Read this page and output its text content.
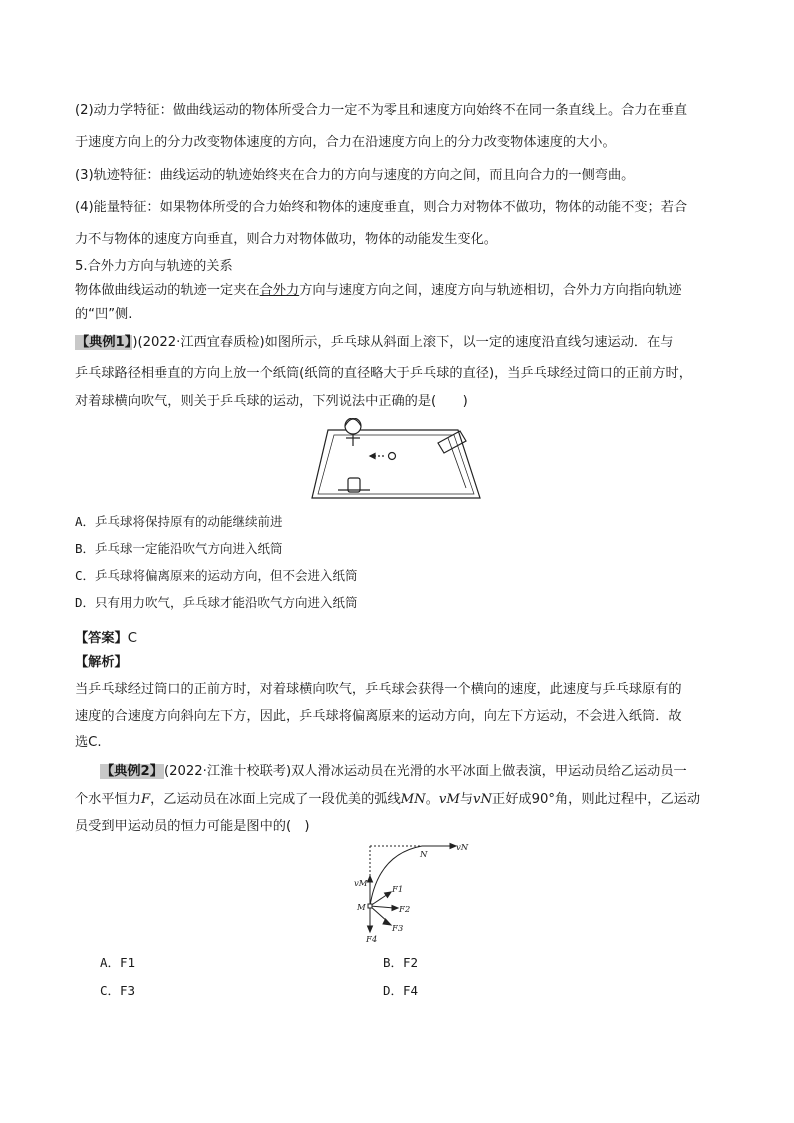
(2)动力学特征：做曲线运动的物体所受合力一定不为零且和速度方向始终不在同一条直线上。合力在垂直
于速度方向上的分力改变物体速度的方向，合力在沿速度方向上的分力改变物体速度的大小。
(3)轨迹特征：曲线运动的轨迹始终夹在合力的方向与速度的方向之间，而且向合力的一侧弯曲。
(4)能量特征：如果物体所受的合力始终和物体的速度垂直，则合力对物体不做功，物体的动能不变；若合
力不与物体的速度方向垂直，则合力对物体做功，物体的动能发生变化。
5.合外力方向与轨迹的关系
物体做曲线运动的轨迹一定夹在合外力方向与速度方向之间，速度方向与轨迹相切，合外力方向指向轨迹
的“凹”侧.
【典例1】)(2022·江西宜春质检)如图所示，乒乓球从斜面上滚下，以一定的速度沿直线匀速运动．在与
乒乓球路径相垂直的方向上放一个纸筒(纸筒的直径略大于乒乓球的直径)，当乒乓球经过筒口的正前方时，
对着球横向吹气，则关于乒乓球的运动，下列说法中正确的是(　　)
A．乒乓球将保持原有的动能继续前进
B．乒乓球一定能沿吹气方向进入纸筒
C．乒乓球将偏离原来的运动方向，但不会进入纸筒
D．只有用力吹气，乒乓球才能沿吹气方向进入纸筒
【答案】C
【解析】
当乒乓球经过筒口的正前方时，对着球横向吹气，乒乓球会获得一个横向的速度，此速度与乒乓球原有的
速度的合速度方向斜向左下方，因此，乒乓球将偏离原来的运动方向，向左下方运动，不会进入纸筒．故
选C.
【典例2】(2022·江淮十校联考)双人滑冰运动员在光滑的水平冰面上做表演，甲运动员给乙运动员一
个水平恒力F，乙运动员在冰面上完成了一段优美的弧线MN。vM与vN正好成90°角，则此过程中，乙运动
员受到甲运动员的恒力可能是图中的(　)
vN
N
vM
M
F1
F2
F3
F4
A．F1	B．F2
C．F3	D．F4
